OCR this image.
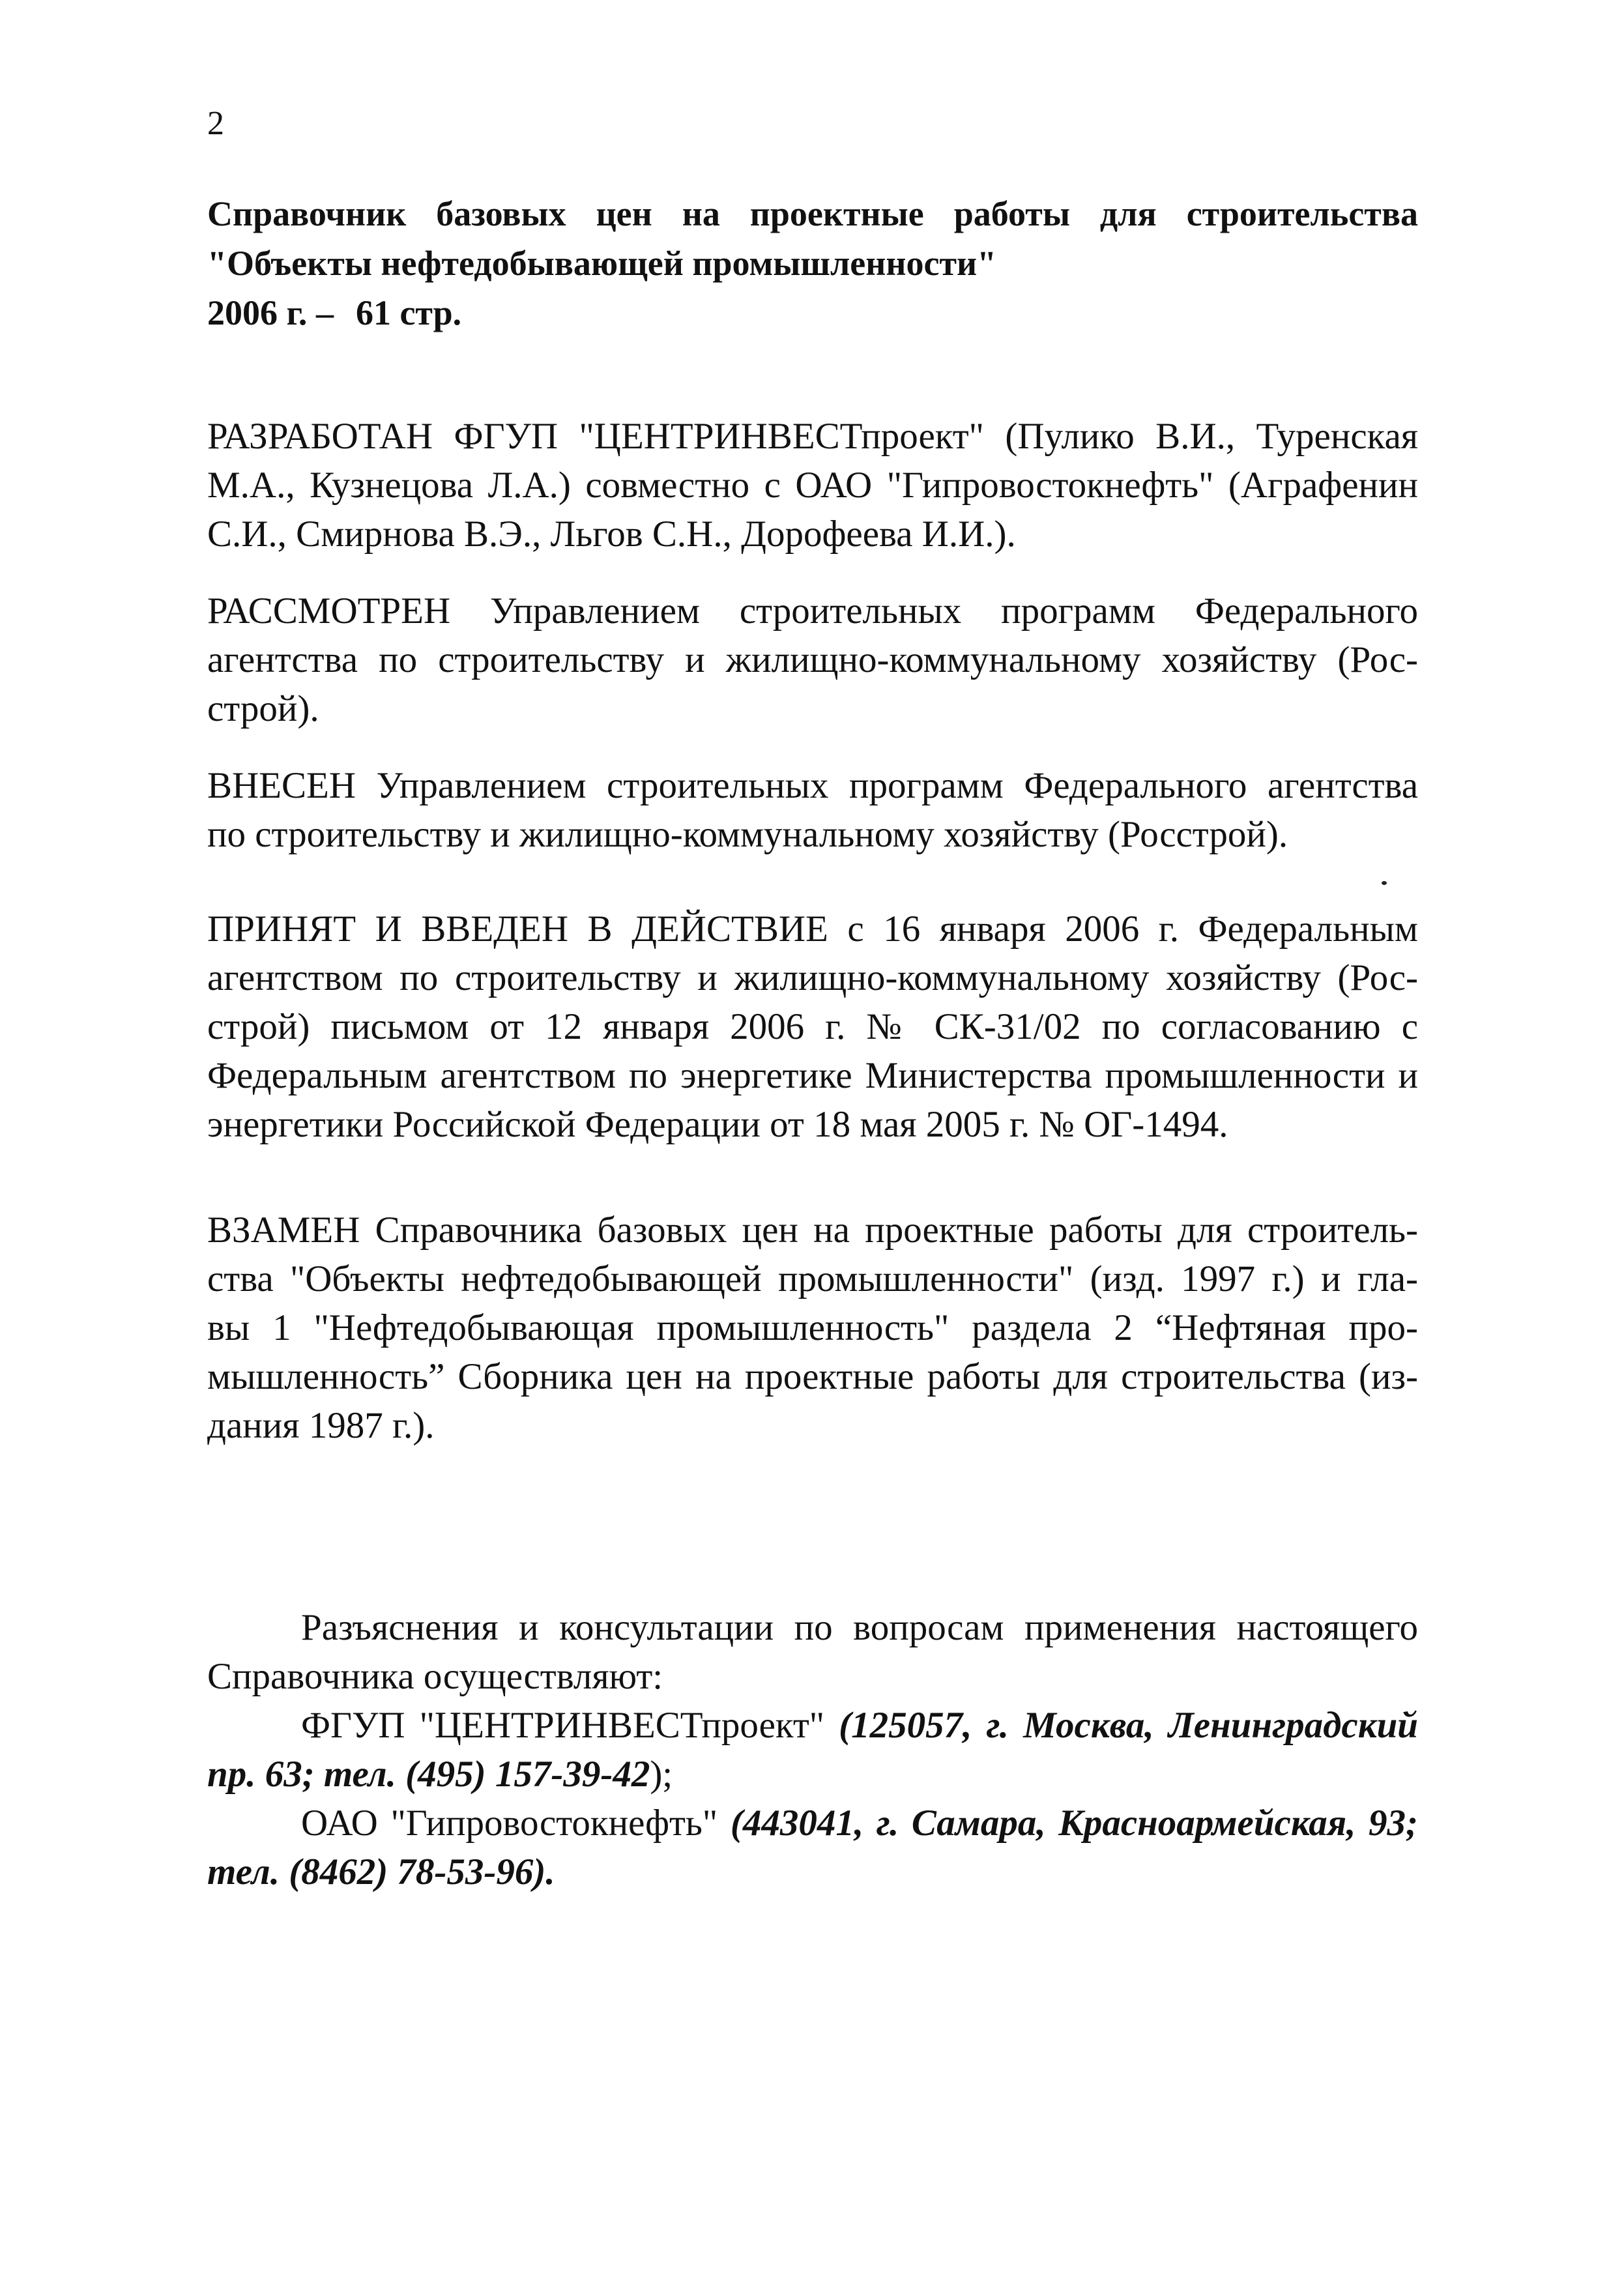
2
Справочник базовых цен на проектные работы для строительства
"Объекты нефтедобывающей промышленности"
2006 г. – 61 стр.
РАЗРАБОТАН ФГУП "ЦЕНТРИНВЕСТпроект" (Пулико В.И., Туренская
М.А., Кузнецова Л.А.) совместно с ОАО "Гипровостокнефть" (Аграфенин
С.И., Смирнова В.Э., Льгов С.Н., Дорофеева И.И.).
РАССМОТРЕН Управлением строительных программ Федерального
агентства по строительству и жилищно-коммунальному хозяйству (Рос-
строй).
ВНЕСЕН Управлением строительных программ Федерального агентства
по строительству и жилищно-коммунальному хозяйству (Росстрой).
ПРИНЯТ И ВВЕДЕН В ДЕЙСТВИЕ с 16 января 2006 г. Федеральным
агентством по строительству и жилищно-коммунальному хозяйству (Рос-
строй) письмом от 12 января 2006 г. № СК-31/02 по согласованию с
Федеральным агентством по энергетике Министерства промышленности и
энергетики Российской Федерации от 18 мая 2005 г. № ОГ-1494.
ВЗАМЕН Справочника базовых цен на проектные работы для строитель-
ства "Объекты нефтедобывающей промышленности" (изд. 1997 г.) и гла-
вы 1 "Нефтедобывающая промышленность" раздела 2 “Нефтяная про-
мышленность” Сборника цен на проектные работы для строительства (из-
дания 1987 г.).
Разъяснения и консультации по вопросам применения настоящего
Справочника осуществляют:
ФГУП "ЦЕНТРИНВЕСТпроект" (125057, г. Москва, Ленинградский
пр. 63; тел. (495) 157-39-42);
ОАО "Гипровостокнефть" (443041, г. Самара, Красноармейская, 93;
тел. (8462) 78-53-96).
